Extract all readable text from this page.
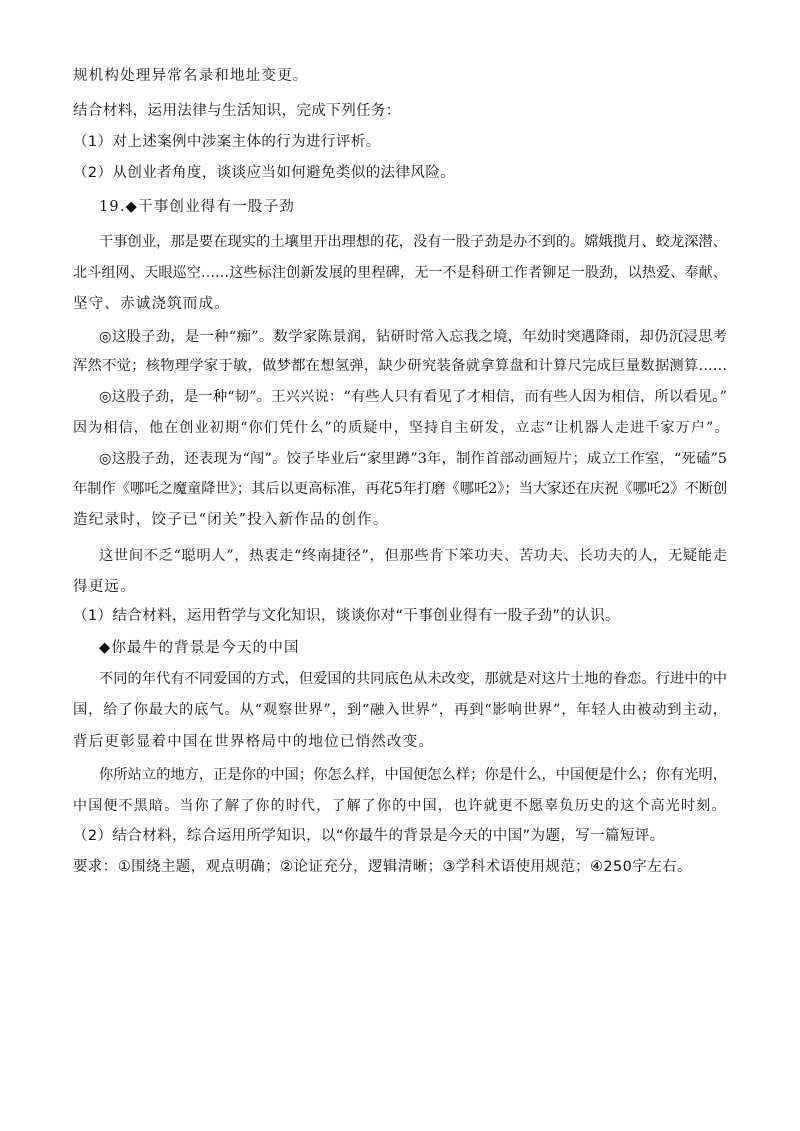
规机构处理异常名录和地址变更。
结合材料，运用法律与生活知识，完成下列任务：
（1）对上述案例中涉案主体的行为进行评析。
（2）从创业者角度，谈谈应当如何避免类似的法律风险。
19.◆干事创业得有一股子劲
干事创业，那是要在现实的土壤里开出理想的花，没有一股子劲是办不到的。嫦娥揽月、蛟龙深潜、
北斗组网、天眼巡空……这些标注创新发展的里程碑，无一不是科研工作者铆足一股劲，以热爱、奉献、
坚守、赤诚浇筑而成。
◎这股子劲，是一种“痴”。数学家陈景润，钻研时常入忘我之境，年幼时突遇降雨，却仍沉浸思考
浑然不觉；核物理学家于敏，做梦都在想氢弹，缺少研究装备就拿算盘和计算尺完成巨量数据测算……
◎这股子劲，是一种“韧”。王兴兴说：“有些人只有看见了才相信，而有些人因为相信，所以看见。”
因为相信，他在创业初期“你们凭什么”的质疑中，坚持自主研发，立志“让机器人走进千家万户”。
◎这股子劲，还表现为“闯”。饺子毕业后“家里蹲”3年，制作首部动画短片；成立工作室，“死磕”5
年制作《哪吒之魔童降世》；其后以更高标准，再花5年打磨《哪吒2》；当大家还在庆祝《哪吒2》不断创
造纪录时，饺子已“闭关”投入新作品的创作。
这世间不乏“聪明人”，热衷走“终南捷径”，但那些肯下笨功夫、苦功夫、长功夫的人，无疑能走
得更远。
（1）结合材料，运用哲学与文化知识，谈谈你对“干事创业得有一股子劲”的认识。
◆你最牛的背景是今天的中国
不同的年代有不同爱国的方式，但爱国的共同底色从未改变，那就是对这片土地的眷恋。行进中的中
国，给了你最大的底气。从“观察世界”，到“融入世界”，再到“影响世界”，年轻人由被动到主动，
背后更彰显着中国在世界格局中的地位已悄然改变。
你所站立的地方，正是你的中国；你怎么样，中国便怎么样；你是什么，中国便是什么；你有光明，
中国便不黑暗。当你了解了你的时代，了解了你的中国，也许就更不愿辜负历史的这个高光时刻。
（2）结合材料，综合运用所学知识，以“你最牛的背景是今天的中国”为题，写一篇短评。
要求：①围绕主题，观点明确；②论证充分，逻辑清晰；③学科术语使用规范；④250字左右。
